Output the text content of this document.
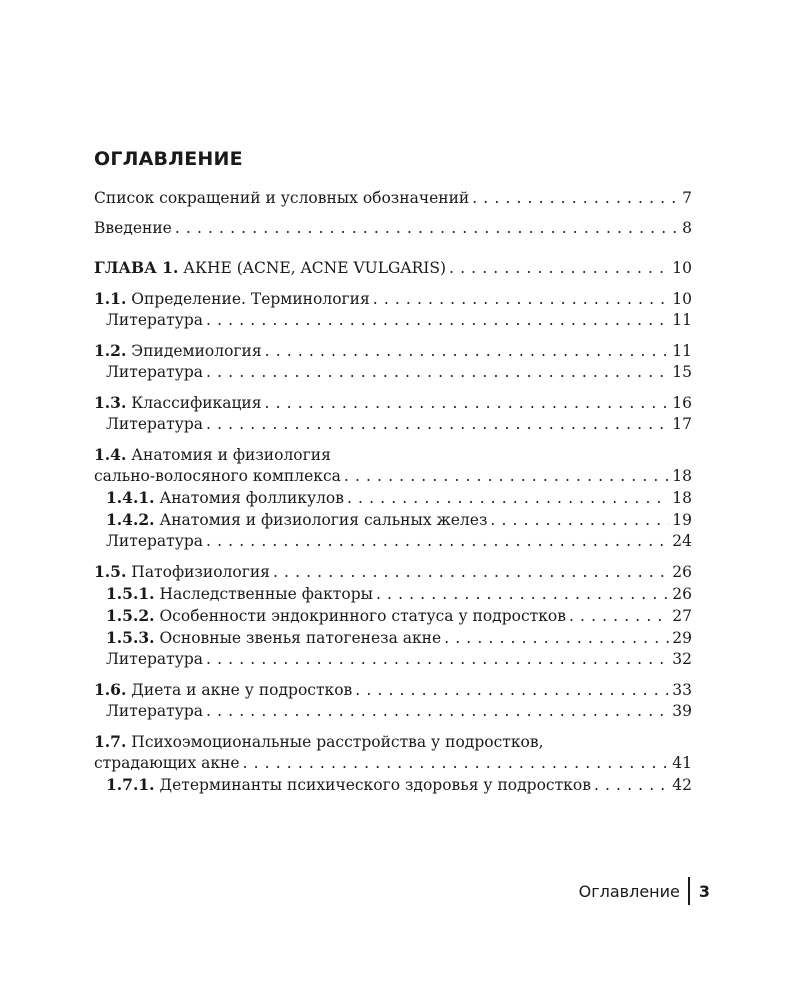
ОГЛАВЛЕНИЕ
Список сокращений и условных обозначений . . .	7
Введение . . .	8
ГЛАВА 1. АКНЕ (ACNE, ACNE VULGARIS) . . .	10
1.1. Определение. Терминология . . .	10
Литература . . .	11
1.2. Эпидемиология . . .	11
Литература . . .	15
1.3. Классификация . . .	16
Литература . . .	17
1.4. Анатомия и физиология
сально-волосяного комплекса . . .	18
1.4.1. Анатомия фолликулов . . .	18
1.4.2. Анатомия и физиология сальных желез . . .	19
Литература . . .	24
1.5. Патофизиология . . .	26
1.5.1. Наследственные факторы . . .	26
1.5.2. Особенности эндокринного статуса у подростков . . .	27
1.5.3. Основные звенья патогенеза акне . . .	29
Литература . . .	32
1.6. Диета и акне у подростков . . .	33
Литература . . .	39
1.7. Психоэмоциональные расстройства у подростков,
страдающих акне . . .	41
1.7.1. Детерминанты психического здоровья у подростков . . .	42
Оглавление 3
